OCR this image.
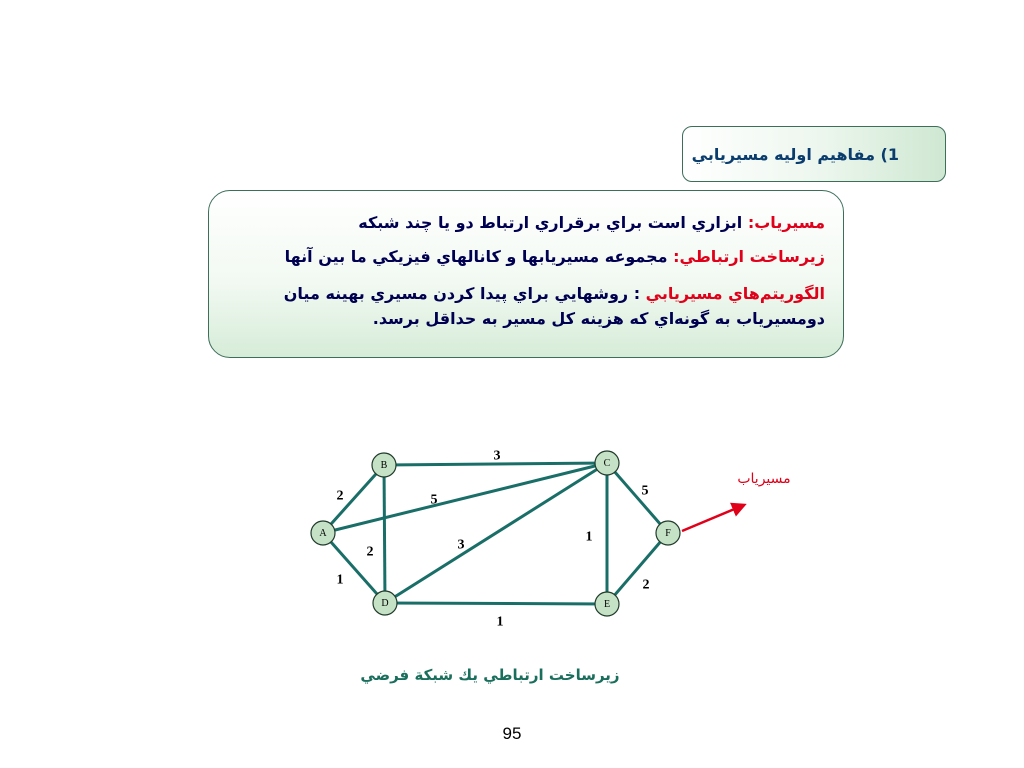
1) مفاهيم اوليه مسيريابي

مسيرياب: ابزاري است براي برقراري ارتباط دو يا چند شبكه

زيرساخت ارتباطي: مجموعه مسيريابها و كانالهاي فيزيكي ما بين آنها

الگوريتم‌هاي مسيريابي : روشهايي براي پيدا كردن مسيري بهينه ميان دومسيرياب به گونه‌اي كه هزينه كل مسير به حداقل برسد.

2	5
1
3
2	3
1
5
1
2
A
B	C
D	E
F
مسيرياب
زيرساخت ارتباطي يك شبكة فرضي
95
